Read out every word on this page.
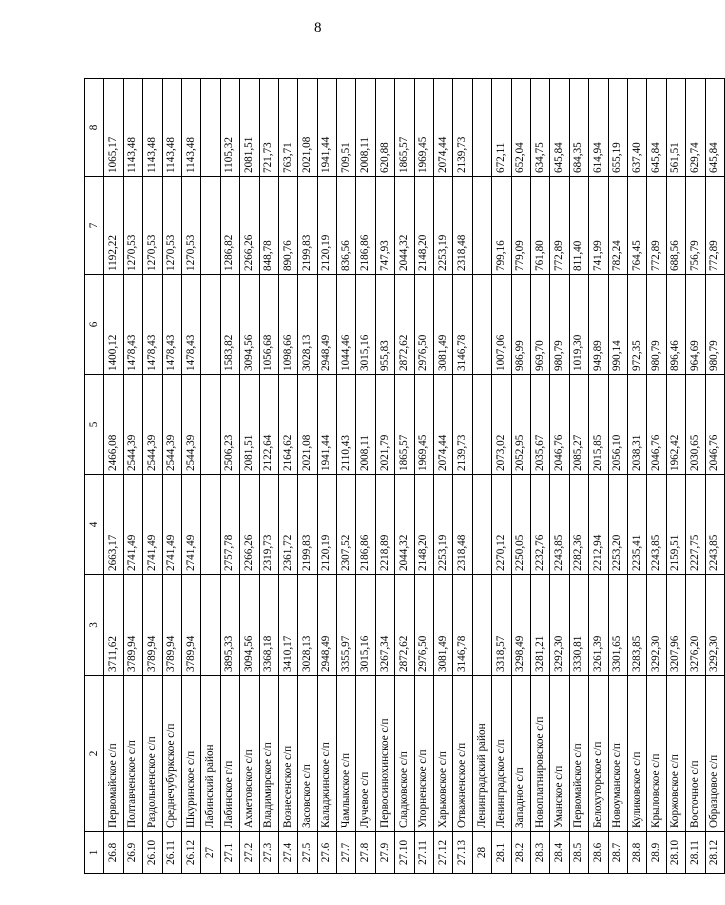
8
1	2	3	4	5	6	7	8
26.8	Первомайское с/п	3711,62	2663,17	2466,08	1400,12	1192,22	1065,17
26.9	Полтавченское с/п	3789,94	2741,49	2544,39	1478,43	1270,53	1143,48
26.10	Раздольненское с/п	3789,94	2741,49	2544,39	1478,43	1270,53	1143,48
26.11	Среднечубуркское с/п	3789,94	2741,49	2544,39	1478,43	1270,53	1143,48
26.12	Шкуринское с/п	3789,94	2741,49	2544,39	1478,43	1270,53	1143,48
27	Лабинский район						
27.1	Лабинское г/п	3895,33	2757,78	2506,23	1583,82	1286,82	1105,32
27.2	Ахметовское с/п	3094,56	2266,26	2081,51	3094,56	2266,26	2081,51
27.3	Владимирское с/п	3368,18	2319,73	2122,64	1056,68	848,78	721,73
27.4	Вознесенское с/п	3410,17	2361,72	2164,62	1098,66	890,76	763,71
27.5	Засовское с/п	3028,13	2199,83	2021,08	3028,13	2199,83	2021,08
27.6	Каладжинское с/п	2948,49	2120,19	1941,44	2948,49	2120,19	1941,44
27.7	Чамлыкское с/п	3355,97	2307,52	2110,43	1044,46	836,56	709,51
27.8	Лучевое с/п	3015,16	2186,86	2008,11	3015,16	2186,86	2008,11
27.9	Первосинюхинское с/п	3267,34	2218,89	2021,79	955,83	747,93	620,88
27.10	Сладковское с/п	2872,62	2044,32	1865,57	2872,62	2044,32	1865,57
27.11	Упорненское с/п	2976,50	2148,20	1969,45	2976,50	2148,20	1969,45
27.12	Харьковское с/п	3081,49	2253,19	2074,44	3081,49	2253,19	2074,44
27.13	Отважненское с/п	3146,78	2318,48	2139,73	3146,78	2318,48	2139,73
28	Ленинградский район						
28.1	Ленинградское с/п	3318,57	2270,12	2073,02	1007,06	799,16	672,11
28.2	Западное с/п	3298,49	2250,05	2052,95	986,99	779,09	652,04
28.3	Новоплатнировское с/п	3281,21	2232,76	2035,67	969,70	761,80	634,75
28.4	Уманское с/п	3292,30	2243,85	2046,76	980,79	772,89	645,84
28.5	Первомайское с/п	3330,81	2282,36	2085,27	1019,30	811,40	684,35
28.6	Белохуторское с/п	3261,39	2212,94	2015,85	949,89	741,99	614,94
28.7	Новоуманское с/п	3301,65	2253,20	2056,10	990,14	782,24	655,19
28.8	Куликовское с/п	3283,85	2235,41	2038,31	972,35	764,45	637,40
28.9	Крыловское с/п	3292,30	2243,85	2046,76	980,79	772,89	645,84
28.10	Коржовское с/п	3207,96	2159,51	1962,42	896,46	688,56	561,51
28.11	Восточное с/п	3276,20	2227,75	2030,65	964,69	756,79	629,74
28.12	Образцовое с/п	3292,30	2243,85	2046,76	980,79	772,89	645,84
